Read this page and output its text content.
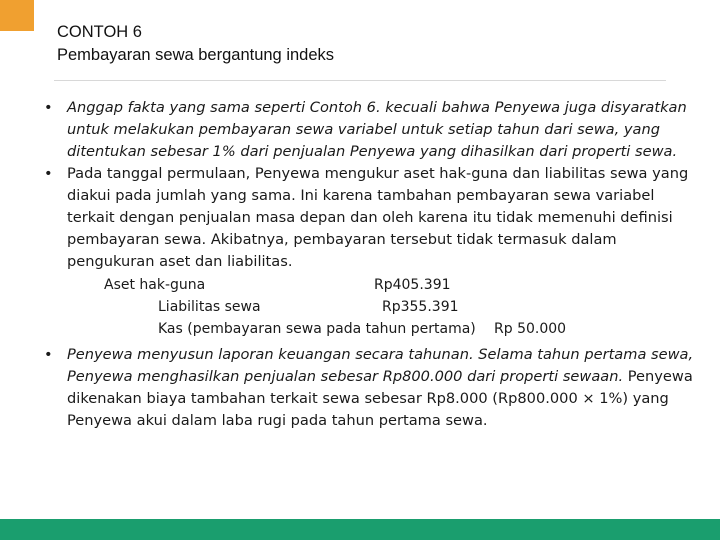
CONTOH 6
Pembayaran sewa bergantung indeks

• Anggap fakta yang sama seperti Contoh 6. kecuali bahwa Penyewa juga disyaratkan untuk melakukan pembayaran sewa variabel untuk setiap tahun dari sewa, yang ditentukan sebesar 1% dari penjualan Penyewa yang dihasilkan dari properti sewa.

• Pada tanggal permulaan, Penyewa mengukur aset hak-guna dan liabilitas sewa yang diakui pada jumlah yang sama. Ini karena tambahan pembayaran sewa variabel terkait dengan penjualan masa depan dan oleh karena itu tidak memenuhi definisi pembayaran sewa. Akibatnya, pembayaran tersebut tidak termasuk dalam pengukuran aset dan liabilitas.

Aset hak-guna	Rp405.391
Liabilitas sewa	Rp355.391
Kas (pembayaran sewa pada tahun pertama) Rp 50.000

• Penyewa menyusun laporan keuangan secara tahunan. Selama tahun pertama sewa, Penyewa menghasilkan penjualan sebesar Rp800.000 dari properti sewaan. Penyewa dikenakan biaya tambahan terkait sewa sebesar Rp8.000 (Rp800.000 × 1%) yang Penyewa akui dalam laba rugi pada tahun pertama sewa.
